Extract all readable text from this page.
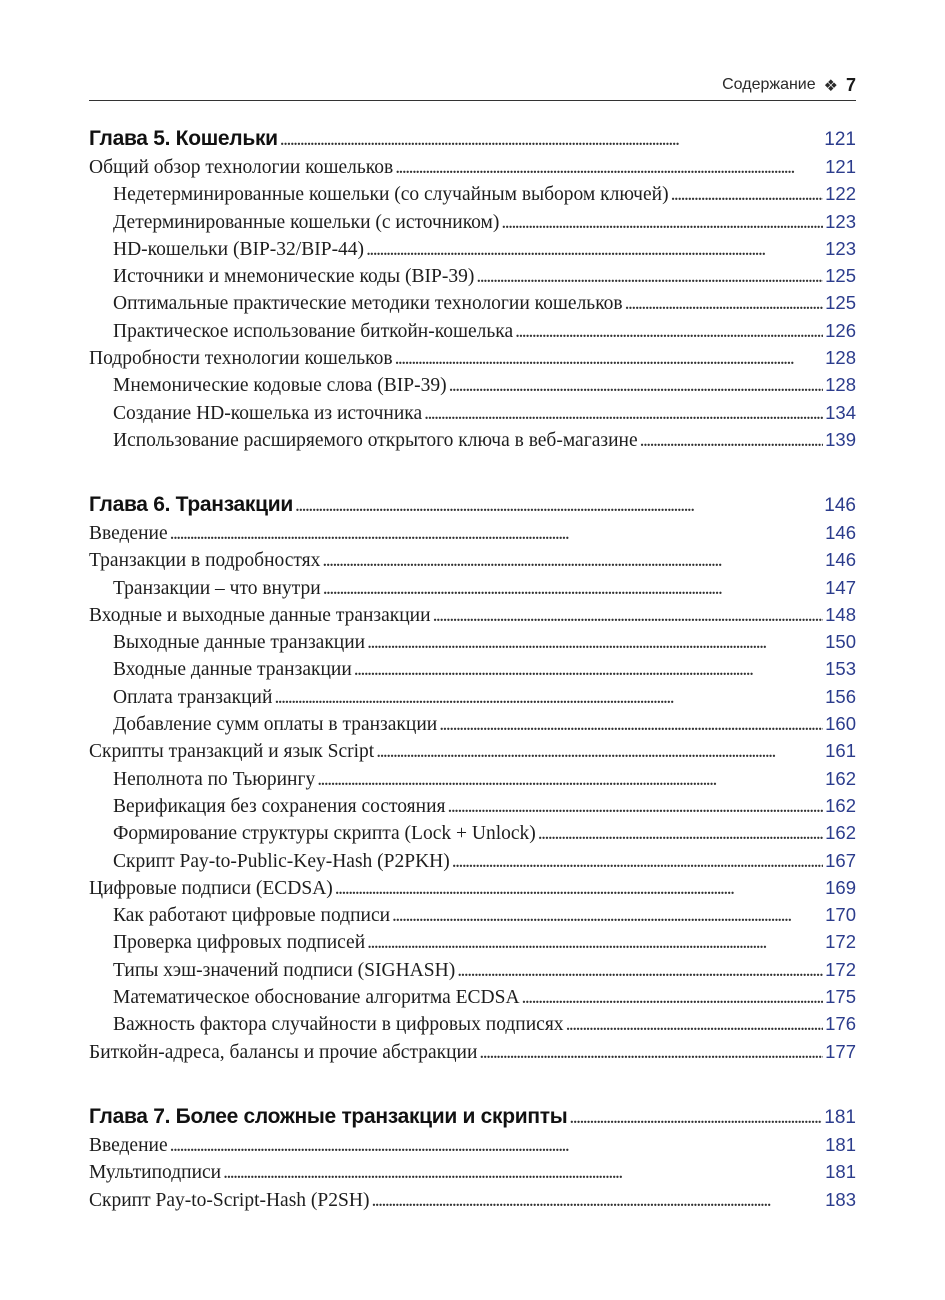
Содержание ❖ 7
Глава 5. Кошельки . . .	121
Общий обзор технологии кошельков . . .	121
Недетерминированные кошельки (со случайным выбором ключей) . . .	122
Детерминированные кошельки (с источником) . . .	123
HD-кошельки (BIP-32/BIP-44) . . .	123
Источники и мнемонические коды (BIP-39) . . .	125
Оптимальные практические методики технологии кошельков . . .	125
Практическое использование биткойн-кошелька . . .	126
Подробности технологии кошельков . . .	128
Мнемонические кодовые слова (BIP-39) . . .	128
Создание HD-кошелька из источника . . .	134
Использование расширяемого открытого ключа в веб-магазине . . .	139
Глава 6. Транзакции . . .	146
Введение . . .	146
Транзакции в подробностях . . .	146
Транзакции – что внутри . . .	147
Входные и выходные данные транзакции . . .	148
Выходные данные транзакции . . .	150
Входные данные транзакции . . .	153
Оплата транзакций . . .	156
Добавление сумм оплаты в транзакции . . .	160
Скрипты транзакций и язык Script . . .	161
Неполнота по Тьюрингу . . .	162
Верификация без сохранения состояния . . .	162
Формирование структуры скрипта (Lock + Unlock) . . .	162
Скрипт Pay-to-Public-Key-Hash (P2PKH) . . .	167
Цифровые подписи (ECDSA) . . .	169
Как работают цифровые подписи . . .	170
Проверка цифровых подписей . . .	172
Типы хэш-значений подписи (SIGHASH) . . .	172
Математическое обоснование алгоритма ECDSA . . .	175
Важность фактора случайности в цифровых подписях . . .	176
Биткойн-адреса, балансы и прочие абстракции . . .	177
Глава 7. Более сложные транзакции и скрипты . . .	181
Введение . . .	181
Мультиподписи . . .	181
Скрипт Pay-to-Script-Hash (P2SH) . . .	183
